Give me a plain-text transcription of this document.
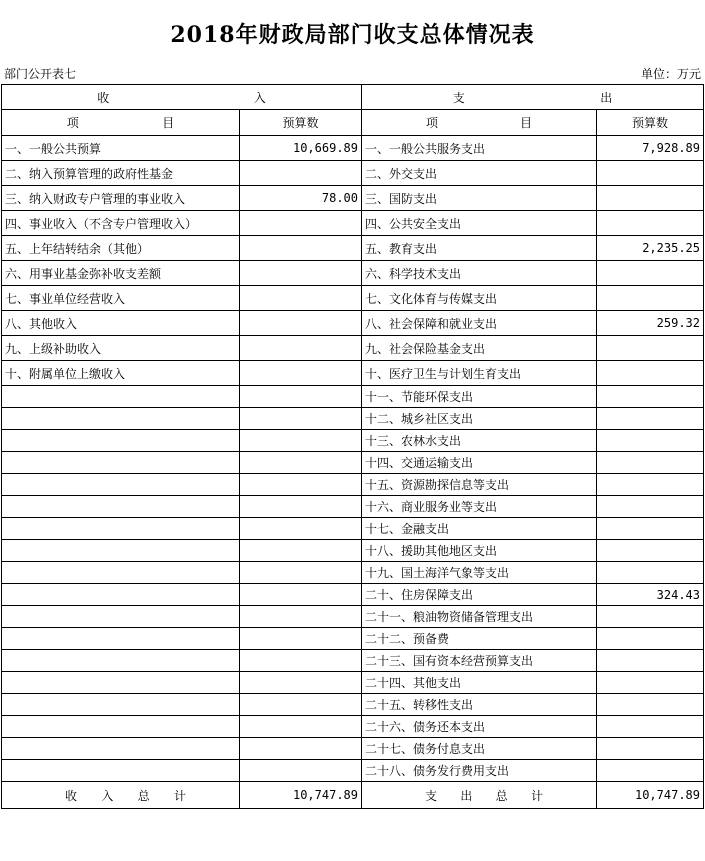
2018年财政局部门收支总体情况表
部门公开表七	单位：万元
收 入		支 出	

项 目	预算数	项 目	预算数
一、一般公共预算	10,669.89	一、一般公共服务支出	7,928.89
二、纳入预算管理的政府性基金		二、外交支出	
三、纳入财政专户管理的事业收入	78.00	三、国防支出	
四、事业收入（不含专户管理收入）		四、公共安全支出	
五、上年结转结余（其他）		五、教育支出	2,235.25
六、用事业基金弥补收支差额		六、科学技术支出	
七、事业单位经营收入		七、文化体育与传媒支出	
八、其他收入		八、社会保障和就业支出	259.32
九、上级补助收入		九、社会保险基金支出	
十、附属单位上缴收入		十、医疗卫生与计划生育支出	
		十一、节能环保支出	
		十二、城乡社区支出	
		十三、农林水支出	
		十四、交通运输支出	
		十五、资源勘探信息等支出	
		十六、商业服务业等支出	
		十七、金融支出	
		十八、援助其他地区支出	
		十九、国土海洋气象等支出	
		二十、住房保障支出	324.43
		二十一、粮油物资储备管理支出	
		二十二、预备费	
		二十三、国有资本经营预算支出	
		二十四、其他支出	
		二十五、转移性支出	
		二十六、债务还本支出	
		二十七、债务付息支出	
		二十八、债务发行费用支出	

收 入 总 计	10,747.89	支 出 总 计	10,747.89
